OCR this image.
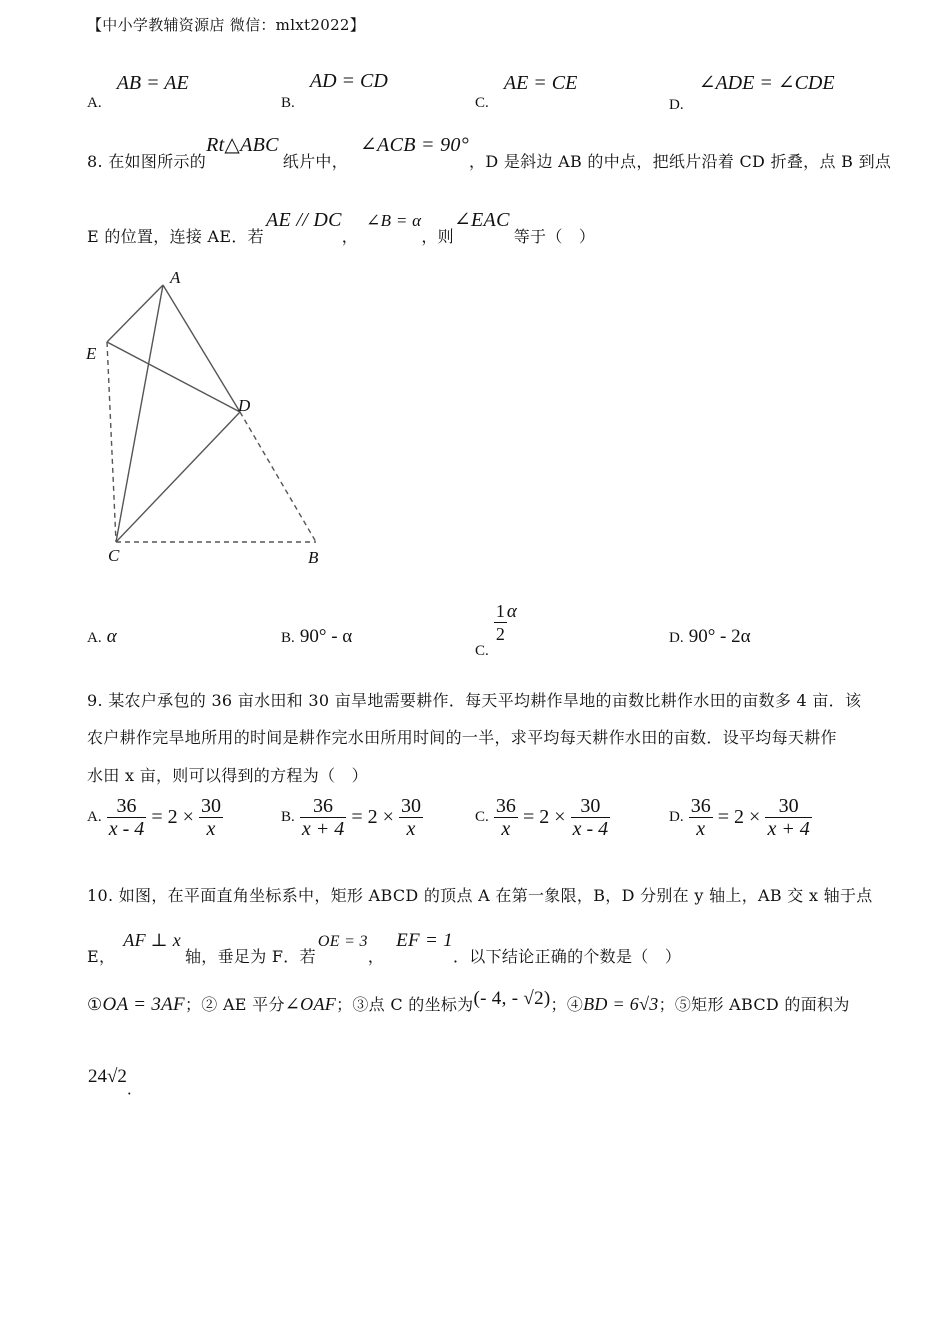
【中小学教辅资源店 微信：mlxt2022】
A. AB = AE
B. AD = CD
C. AE = CE
D. ∠ADE = ∠CDE
8. 在如图所示的Rt△ABC纸片中，∠ACB = 90°，D 是斜边 AB 的中点，把纸片沿着 CD 折叠，点 B 到点
E 的位置，连接 AE．若AE // DC，∠B = α，则∠EAC等于（　）
A
E
D
C	B
A. α	B. 90° - α
C.
$\frac{1}{2}$ α
D. 90° - 2α
9. 某农户承包的 36 亩水田和 30 亩旱地需要耕作．每天平均耕作旱地的亩数比耕作水田的亩数多 4 亩．该
农户耕作完旱地所用的时间是耕作完水田所用时间的一半，求平均每天耕作水田的亩数．设平均每天耕作
水田 x 亩，则可以得到的方程为（　）
A. $\frac{36}{x - 4} = 2 \times \frac{30}{x}$	B. $\frac{36}{x + 4} = 2 \times \frac{30}{x}$	C. $\frac{36}{x} = 2 \times \frac{30}{x - 4}$	D. $\frac{36}{x} = 2 \times \frac{30}{x + 4}$
10. 如图，在平面直角坐标系中，矩形 ABCD 的顶点 A 在第一象限，B，D 分别在 y 轴上，AB 交 x 轴于点
E，AF ⊥ x轴，垂足为 F．若OE = 3，EF = 1．以下结论正确的个数是（　）
①OA = 3AF；② AE 平分∠OAF；③点 C 的坐标为(- 4, - √2)；④BD = 6√3；⑤矩形 ABCD 的面积为
24√2．
